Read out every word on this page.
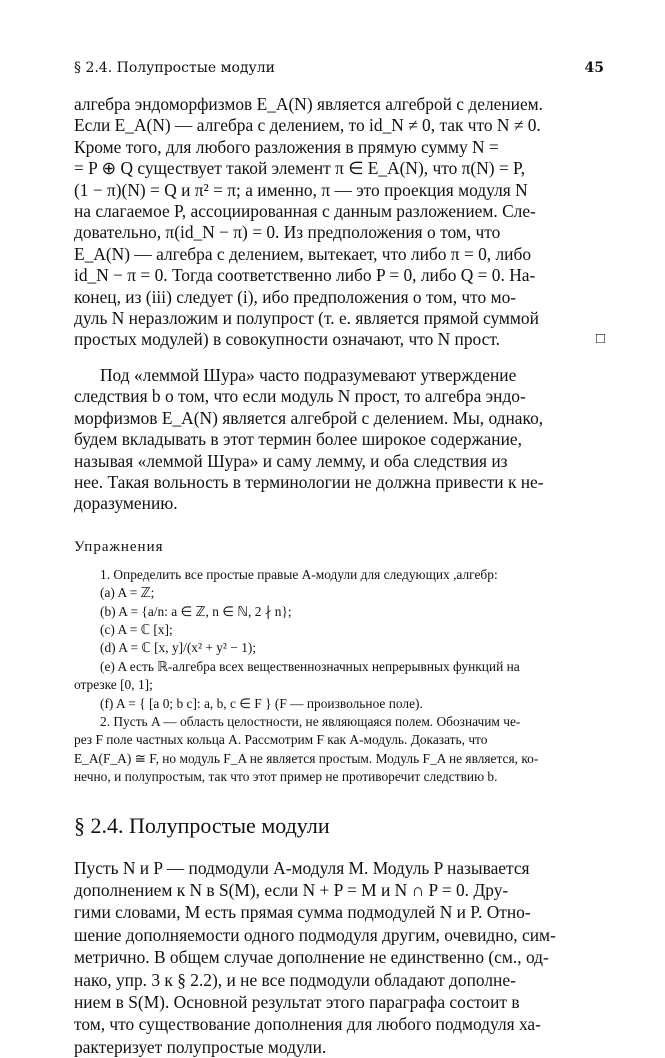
§ 2.4. Полупростые модули	45

алгебра эндоморфизмов E_A(N) является алгеброй с делением.

Если E_A(N) — алгебра с делением, то id_N ≠ 0, так что N ≠ 0.

Кроме того, для любого разложения в прямую сумму N =

= P ⊕ Q существует такой элемент π ∈ E_A(N), что π(N) = P,

(1 − π)(N) = Q и π² = π; а именно, π — это проекция модуля N

на слагаемое P, ассоциированная с данным разложением. Сле-

довательно, π(id_N − π) = 0. Из предположения о том, что

E_A(N) — алгебра с делением, вытекает, что либо π = 0, либо

id_N − π = 0. Тогда соответственно либо P = 0, либо Q = 0. На-

конец, из (iii) следует (i), ибо предположения о том, что мо-

дуль N неразложим и полупрост (т. е. является прямой суммой

простых модулей) в совокупности означают, что N прост.	□

Под «леммой Шура» часто подразумевают утверждение

следствия b о том, что если модуль N прост, то алгебра эндо-

морфизмов E_A(N) является алгеброй с делением. Мы, однако,

будем вкладывать в этот термин более широкое содержание,

называя «леммой Шура» и саму лемму, и оба следствия из

нее. Такая вольность в терминологии не должна привести к не-

доразумению.

Упражнения

1. Определить все простые правые A-модули для следующих ,алгебр:

(a) A = ℤ;

(b) A = {a/n: a ∈ ℤ, n ∈ ℕ, 2 ∤ n};

(c) A = ℂ [x];

(d) A = ℂ [x, y]/(x² + y² − 1);

(e) A есть ℝ-алгебра всех вещественнозначных непрерывных функций на

отрезке [0, 1];

(f) A = { [a 0; b c]: a, b, c ∈ F } (F — произвольное поле).

2. Пусть A — область целостности, не являющаяся полем. Обозначим че-

рез F поле частных кольца A. Рассмотрим F как A-модуль. Доказать, что

E_A(F_A) ≅ F, но модуль F_A не является простым. Модуль F_A не является, ко-

нечно, и полупростым, так что этот пример не противоречит следствию b.

§ 2.4. Полупростые модули

Пусть N и P — подмодули A-модуля M. Модуль P называется

дополнением к N в S(M), если N + P = M и N ∩ P = 0. Дру-

гими словами, M есть прямая сумма подмодулей N и P. Отно-

шение дополняемости одного подмодуля другим, очевидно, сим-

метрично. В общем случае дополнение не единственно (см., од-

нако, упр. 3 к § 2.2), и не все подмодули обладают дополне-

нием в S(M). Основной результат этого параграфа состоит в

том, что существование дополнения для любого подмодуля ха-

рактеризует полупростые модули.
